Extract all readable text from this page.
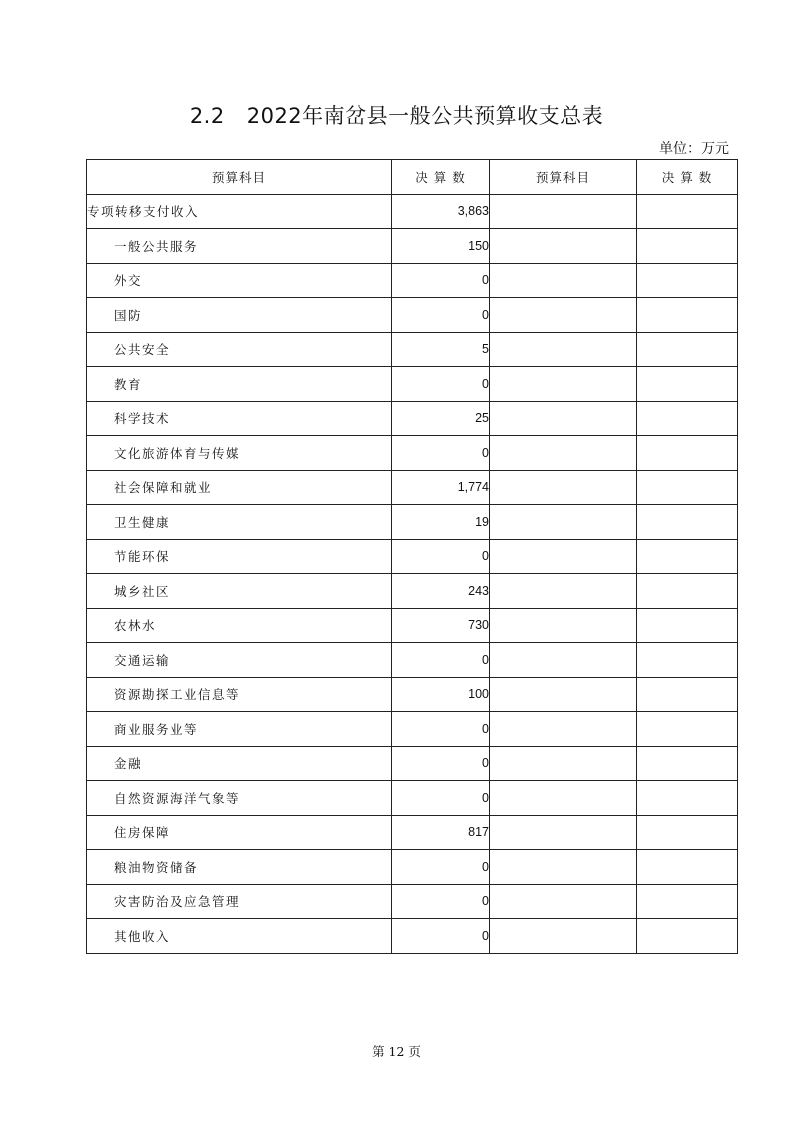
2.2 2022年南岔县一般公共预算收支总表
单位：万元
预算科目	决 算 数	预算科目	决 算 数
专项转移支付收入	3,863		
一般公共服务	150		
外交	0		
国防	0		
公共安全	5		
教育	0		
科学技术	25		
文化旅游体育与传媒	0		
社会保障和就业	1,774		
卫生健康	19		
节能环保	0		
城乡社区	243		
农林水	730		
交通运输	0		
资源勘探工业信息等	100		
商业服务业等	0		
金融	0		
自然资源海洋气象等	0		
住房保障	817		
粮油物资储备	0		
灾害防治及应急管理	0		
其他收入	0		
第 12 页
